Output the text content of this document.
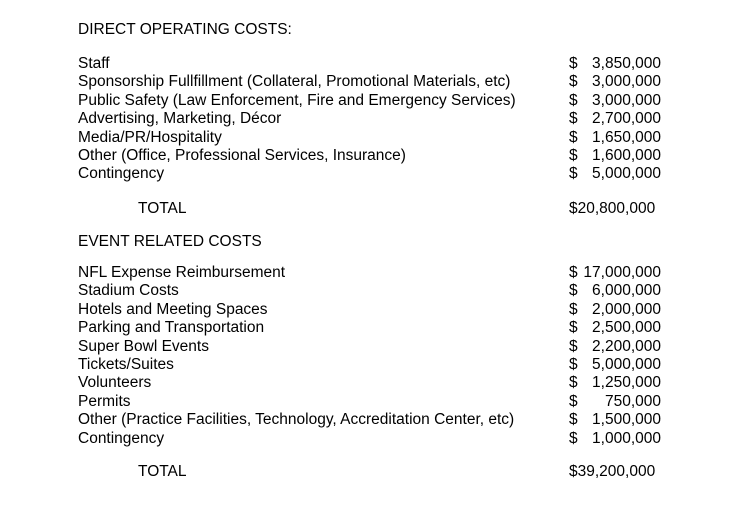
DIRECT OPERATING COSTS:
Staff	$ 3,850,000
Sponsorship Fullfillment (Collateral, Promotional Materials, etc)	$ 3,000,000
Public Safety (Law Enforcement, Fire and Emergency Services)	$ 3,000,000
Advertising, Marketing, Décor	$ 2,700,000
Media/PR/Hospitality	$ 1,650,000
Other (Office, Professional Services, Insurance)	$ 1,600,000
Contingency	$ 5,000,000
TOTAL	$20,800,000
EVENT RELATED COSTS
NFL Expense Reimbursement	$ 17,000,000
Stadium Costs	$ 6,000,000
Hotels and Meeting Spaces	$ 2,000,000
Parking and Transportation	$ 2,500,000
Super Bowl Events	$ 2,200,000
Tickets/Suites	$ 5,000,000
Volunteers	$ 1,250,000
Permits	$ 750,000
Other (Practice Facilities, Technology, Accreditation Center, etc)	$ 1,500,000
Contingency	$ 1,000,000
TOTAL	$39,200,000
